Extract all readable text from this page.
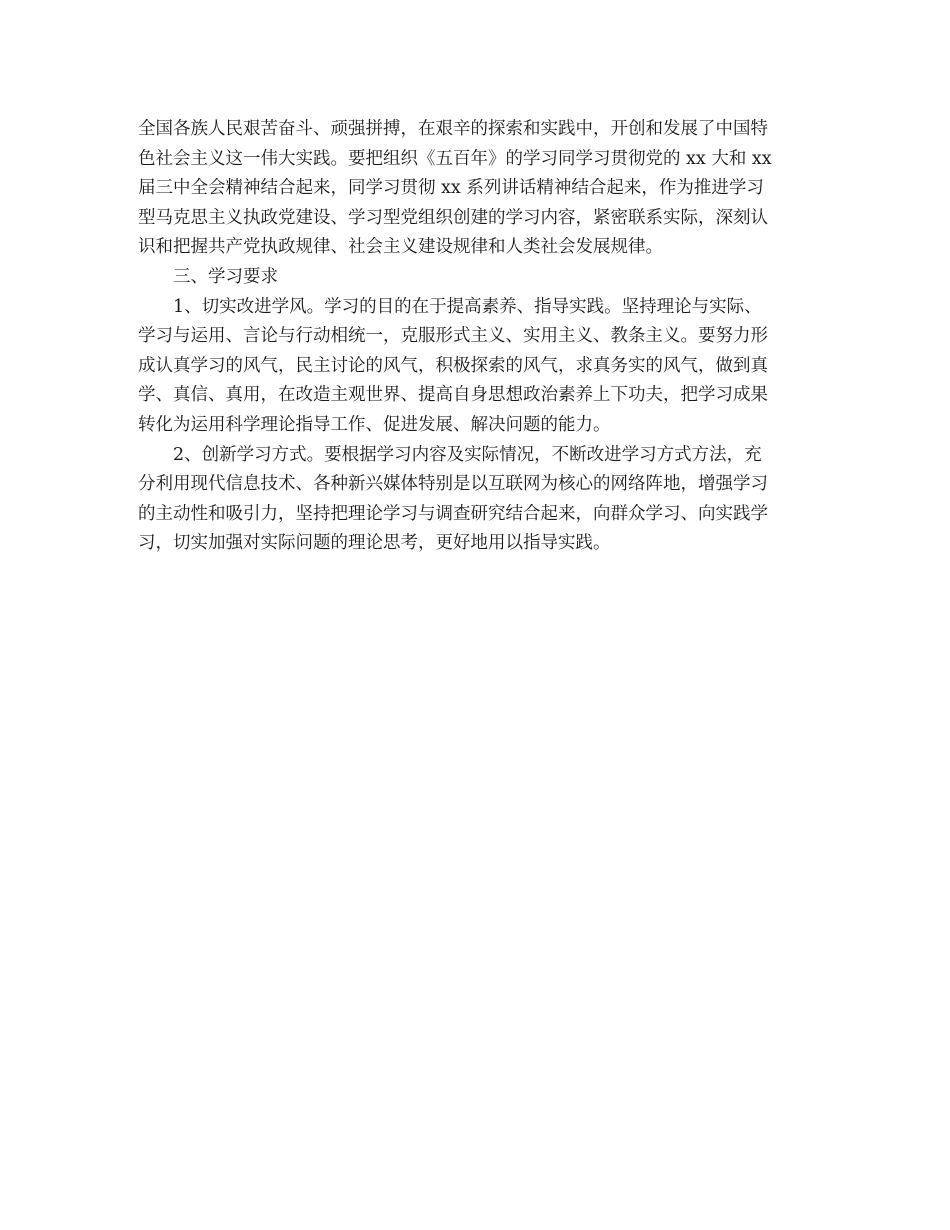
全国各族人民艰苦奋斗、顽强拼搏，在艰辛的探索和实践中，开创和发展了中国特
色社会主义这一伟大实践。要把组织《五百年》的学习同学习贯彻党的 xx 大和 xx
届三中全会精神结合起来，同学习贯彻 xx 系列讲话精神结合起来，作为推进学习
型马克思主义执政党建设、学习型党组织创建的学习内容，紧密联系实际，深刻认
识和把握共产党执政规律、社会主义建设规律和人类社会发展规律。
三、学习要求
1、切实改进学风。学习的目的在于提高素养、指导实践。坚持理论与实际、
学习与运用、言论与行动相统一，克服形式主义、实用主义、教条主义。要努力形
成认真学习的风气，民主讨论的风气，积极探索的风气，求真务实的风气，做到真
学、真信、真用，在改造主观世界、提高自身思想政治素养上下功夫，把学习成果
转化为运用科学理论指导工作、促进发展、解决问题的能力。
2、创新学习方式。要根据学习内容及实际情况，不断改进学习方式方法，充
分利用现代信息技术、各种新兴媒体特别是以互联网为核心的网络阵地，增强学习
的主动性和吸引力，坚持把理论学习与调查研究结合起来，向群众学习、向实践学
习，切实加强对实际问题的理论思考，更好地用以指导实践。
